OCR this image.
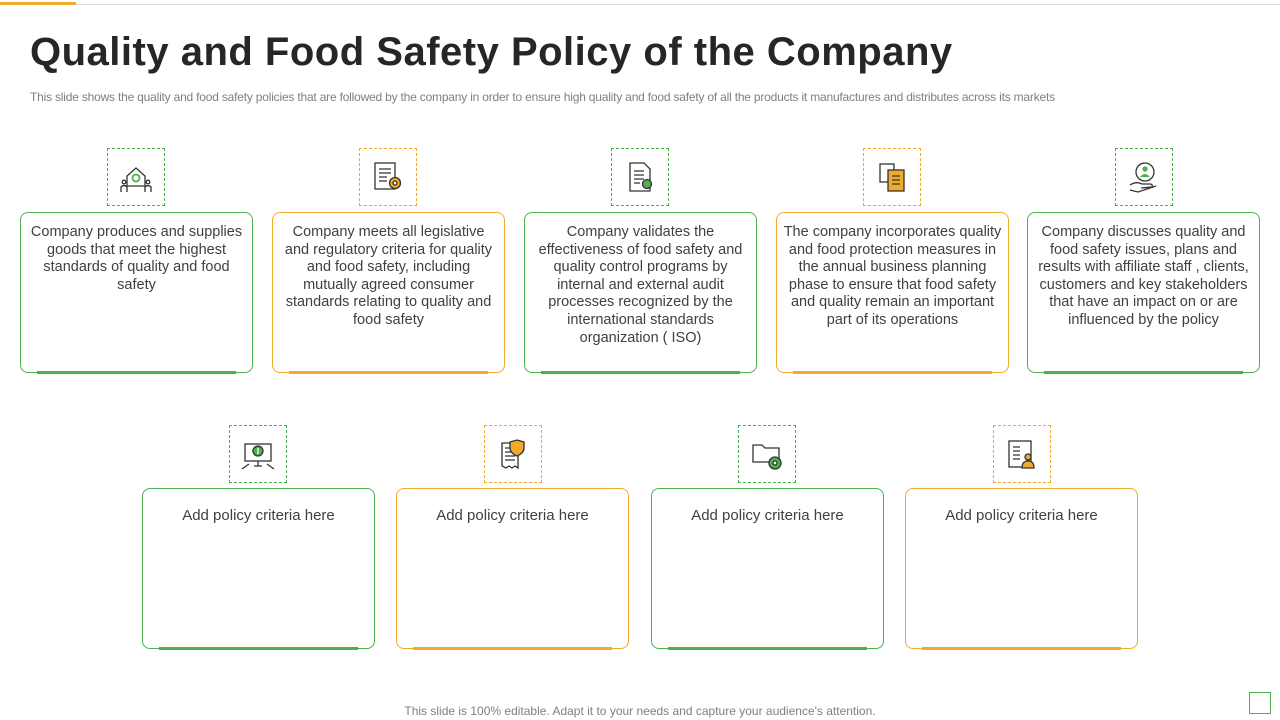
Quality and Food Safety Policy of the Company

This slide shows the quality and food safety policies that are followed by the company in order to ensure high quality and food safety of all the products it manufactures and distributes across its markets

Company produces and supplies goods that meet the highest standards of quality and food safety
Company meets all legislative and regulatory criteria for quality and food safety, including mutually agreed consumer standards relating to quality and food safety
Company validates the effectiveness of food safety and quality control programs by internal and external audit processes recognized by the international standards organization ( ISO)
The company incorporates quality and food protection measures in the annual business planning phase to ensure that food safety and quality remain an important part of its operations
Company discusses quality and food safety issues, plans and results with affiliate staff , clients, customers and key stakeholders that have an impact on or are influenced by the policy
Add policy criteria here	Add policy criteria here	Add policy criteria here	Add policy criteria here
This slide is 100% editable. Adapt it to your needs and capture your audience's attention.
